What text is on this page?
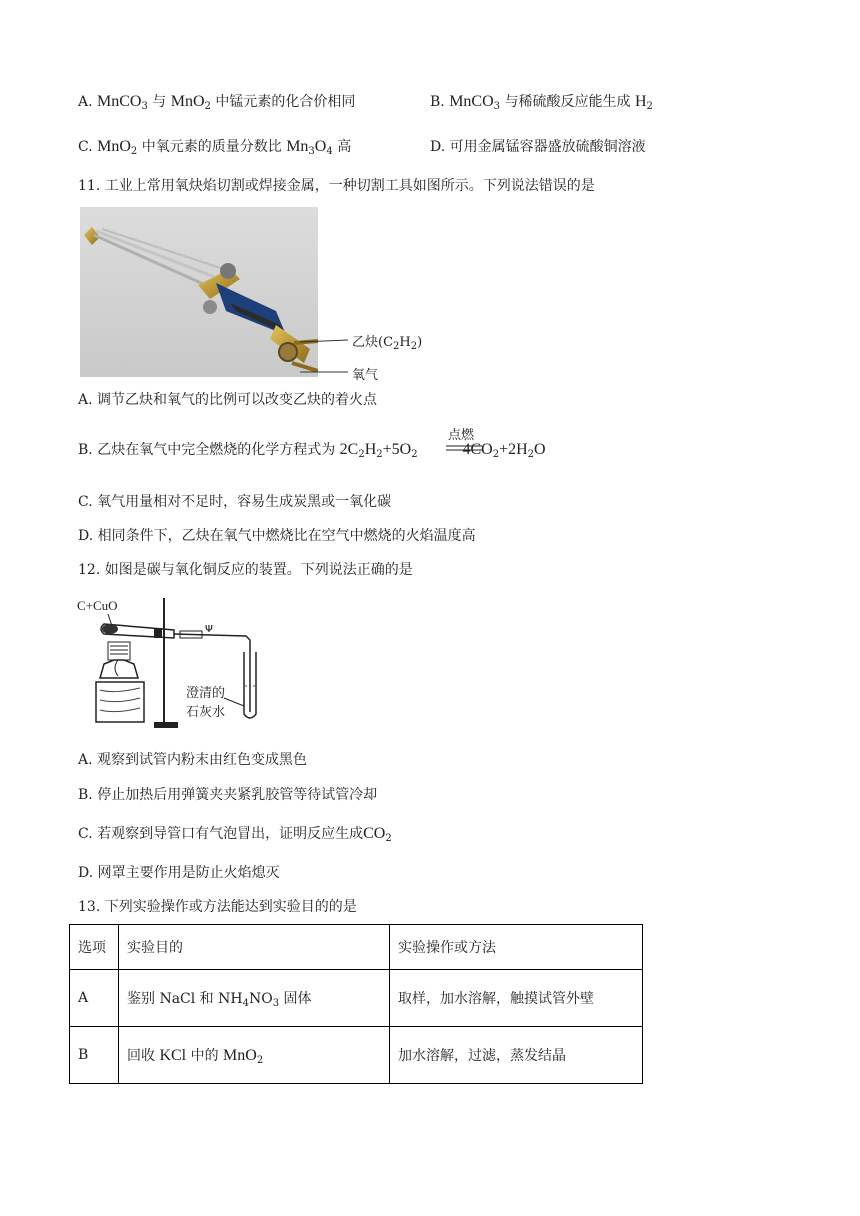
A. MnCO$_3$ 与 MnO$_2$ 中锰元素的化合价相同	B. MnCO$_3$ 与稀硫酸反应能生成 $H_2$
C. MnO$_2$ 中氧元素的质量分数比 $Mn_3O_4$ 高	D. 可用金属锰容器盛放硫酸铜溶液
11. 工业上常用氧炔焰切割或焊接金属，一种切割工具如图所示。下列说法错误的是
乙炔$(C_2H_2)$
氧气
A. 调节乙炔和氧气的比例可以改变乙炔的着火点
B. 乙炔在氧气中完全燃烧的化学方程式为 $2C_2H_2+5O_2$	$4CO_2+2H_2O$
点燃
C. 氧气用量相对不足时，容易生成炭黑或一氧化碳
D. 相同条件下，乙炔在氧气中燃烧比在空气中燃烧的火焰温度高
12. 如图是碳与氧化铜反应的装置。下列说法正确的是
Ψ
C+CuO
澄清的
石灰水
A. 观察到试管内粉末由红色变成黑色
B. 停止加热后用弹簧夹夹紧乳胶管等待试管冷却
C. 若观察到导管口有气泡冒出，证明反应生成$CO_2$
D. 网罩主要作用是防止火焰熄灭
13. 下列实验操作或方法能达到实验目的的是
选项	实验目的	实验操作或方法
A	鉴别 NaCl 和 $NH_4NO_3$ 固体	取样，加水溶解，触摸试管外壁
B	回收 KCl 中的 MnO$_2$	加水溶解，过滤，蒸发结晶
